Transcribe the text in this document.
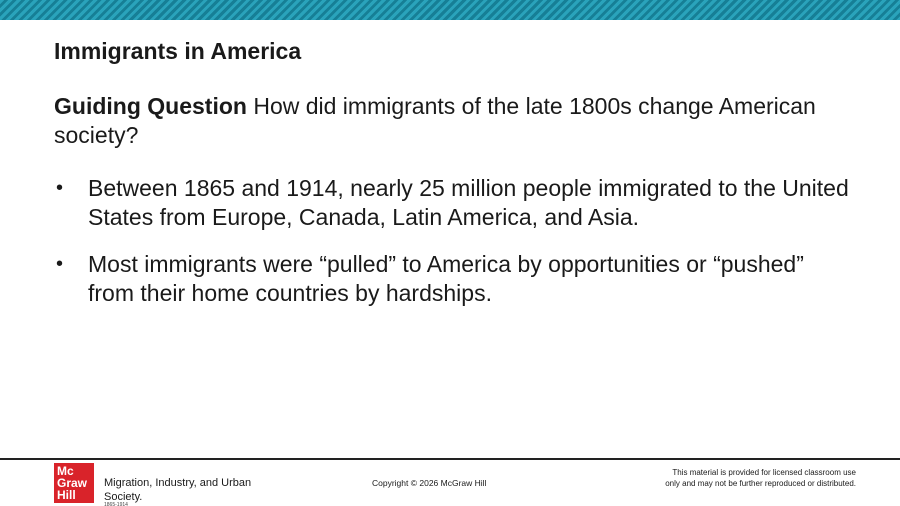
Immigrants in America
Guiding Question How did immigrants of the late 1800s change American society?
• Between 1865 and 1914, nearly 25 million people immigrated to the United States from Europe, Canada, Latin America, and Asia.
• Most immigrants were “pulled” to America by opportunities or “pushed” from their home countries by hardships.
Mc
Graw
Hill
Migration, Industry, and Urban Society.
1865-1914
Copyright © 2026 McGraw Hill
This material is provided for licensed classroom use only and may not be further reproduced or distributed.
